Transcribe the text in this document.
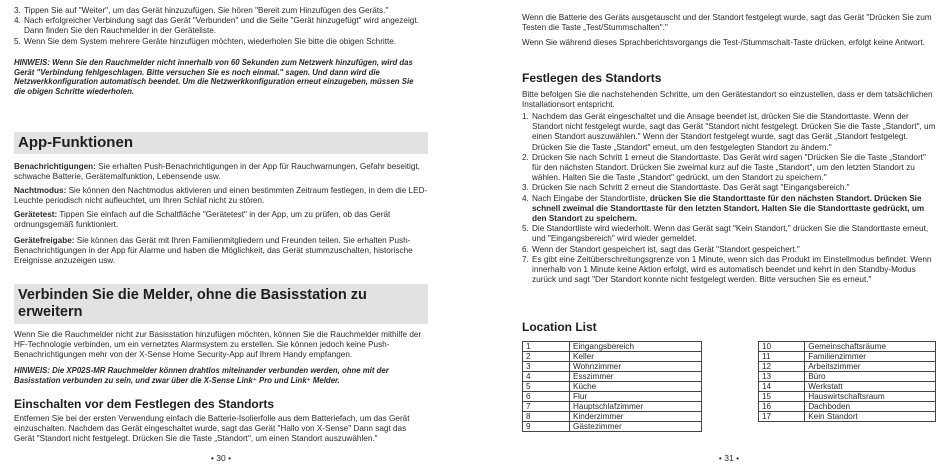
3. Tippen Sie auf "Weiter", um das Gerät hinzuzufügen. Sie hören "Bereit zum Hinzufügen des Geräts."
4. Nach erfolgreicher Verbindung sagt das Gerät "Verbunden" und die Seite "Gerät hinzugefügt" wird angezeigt. Dann finden Sie den Rauchmelder in der Geräteliste.
5. Wenn Sie dem System mehrere Geräte hinzufügen möchten, wiederholen Sie bitte die obigen Schritte.

HINWEIS: Wenn Sie den Rauchmelder nicht innerhalb von 60 Sekunden zum Netzwerk hinzufügen, wird das Gerät "Verbindung fehlgeschlagen. Bitte versuchen Sie es noch einmal." sagen. Und dann wird die Netzwerkkonfiguration automatisch beendet. Um die Netzwerkkonfiguration erneut einzugeben, müssen Sie die obigen Schritte wiederholen.

App-Funktionen

Benachrichtigungen: Sie erhalten Push-Benachrichtigungen in der App für Rauchwarnungen, Gefahr beseitigt, schwache Batterie, Gerätemalfunktion, Lebensende usw.

Nachtmodus: Sie können den Nachtmodus aktivieren und einen bestimmten Zeitraum festlegen, in dem die LED-Leuchte periodisch nicht aufleuchtet, um Ihren Schlaf nicht zu stören.

Gerätetest: Tippen Sie einfach auf die Schaltfläche "Gerätetest" in der App, um zu prüfen, ob das Gerät ordnungsgemäß funktioniert.

Gerätefreigabe: Sie können das Gerät mit Ihren Familienmitgliedern und Freunden teilen. Sie erhalten Push-Benachrichtigungen in der App für Alarme und haben die Möglichkeit, das Gerät stummzuschalten, historische Ereignisse anzuzeigen usw.

Verbinden Sie die Melder, ohne die Basisstation zu erweitern

Wenn Sie die Rauchmelder nicht zur Basisstation hinzufügen möchten, können Sie die Rauchmelder mithilfe der HF-Technologie verbinden, um ein vernetztes Alarmsystem zu erstellen. Sie können jedoch keine Push-Benachrichtigungen mehr von der X-Sense Home Security-App auf Ihrem Handy empfangen.

HINWEIS: Die XP02S-MR Rauchmelder können drahtlos miteinander verbunden werden, ohne mit der Basisstation verbunden zu sein, und zwar über die X-Sense Link⁺ Pro und Link⁺ Melder.

Einschalten vor dem Festlegen des Standorts

Entfernen Sie bei der ersten Verwendung einfach die Batterie-Isolierfolie aus dem Batteriefach, um das Gerät einzuschalten. Nachdem das Gerät eingeschaltet wurde, sagt das Gerät "Hallo von X-Sense" Dann sagt das Gerät "Standort nicht festgelegt. Drücken Sie die Taste „Standort", um einen Standort auszuwählen."

• 30 •

Wenn die Batterie des Geräts ausgetauscht und der Standort festgelegt wurde, sagt das Gerät "Drücken Sie zum Testen die Taste „Test/Stummschalten"."

Wenn Sie während dieses Sprachberichtsvorgangs die Test-/Stummschalt-Taste drücken, erfolgt keine Antwort.

Festlegen des Standorts

Bitte befolgen Sie die nachstehenden Schritte, um den Gerätestandort so einzustellen, dass er dem tatsächlichen Installationsort entspricht.

1. Nachdem das Gerät eingeschaltet und die Ansage beendet ist, drücken Sie die Standorttaste. Wenn der Standort nicht festgelegt wurde, sagt das Gerät "Standort nicht festgelegt. Drücken Sie die Taste „Standort", um einen Standort auszuwählen." Wenn der Standort festgelegt wurde, sagt das Gerät „Standort festgelegt. Drücken Sie die Taste „Standort" erneut, um den festgelegten Standort zu ändern."
2. Drücken Sie nach Schritt 1 erneut die Standorttaste. Das Gerät wird sagen "Drücken Sie die Taste „Standort" für den nächsten Standort. Drücken Sie zweimal kurz auf die Taste „Standort", um den letzten Standort zu wählen. Halten Sie die Taste „Standort" gedrückt, um den Standort zu speichern."
3. Drücken Sie nach Schritt 2 erneut die Standorttaste. Das Gerät sagt "Eingangsbereich."
4. Nach Eingabe der Standortliste, drücken Sie die Standorttaste für den nächsten Standort. Drücken Sie schnell zweimal die Standorttaste für den letzten Standort. Halten Sie die Standorttaste gedrückt, um den Standort zu speichern.
5. Die Standortliste wird wiederholt. Wenn das Gerät sagt "Kein Standort," drücken Sie die Standorttaste erneut, und "Eingangsbereich" wird wieder gemeldet.
6. Wenn der Standort gespeichert ist, sagt das Gerät "Standort gespeichert."
7. Es gibt eine Zeitüberschreitungsgrenze von 1 Minute, wenn sich das Produkt im Einstellmodus befindet. Wenn innerhalb von 1 Minute keine Aktion erfolgt, wird es automatisch beendet und kehrt in den Standby-Modus zurück und sagt "Der Standort konnte nicht festgelegt werden. Bitte versuchen Sie es erneut."

Location List

1	Eingangsbereich
2	Keller
3	Wohnzimmer
4	Esszimmer
5	Küche
6	Flur
7	Hauptschlafzimmer
8	Kinderzimmer
9	Gästezimmer
10	Gemeinschaftsräume
11	Familienzimmer
12	Arbeitszimmer
13	Büro
14	Werkstatt
15	Hauswirtschaftsraum
16	Dachboden
17	Kein Standort
• 31 •
